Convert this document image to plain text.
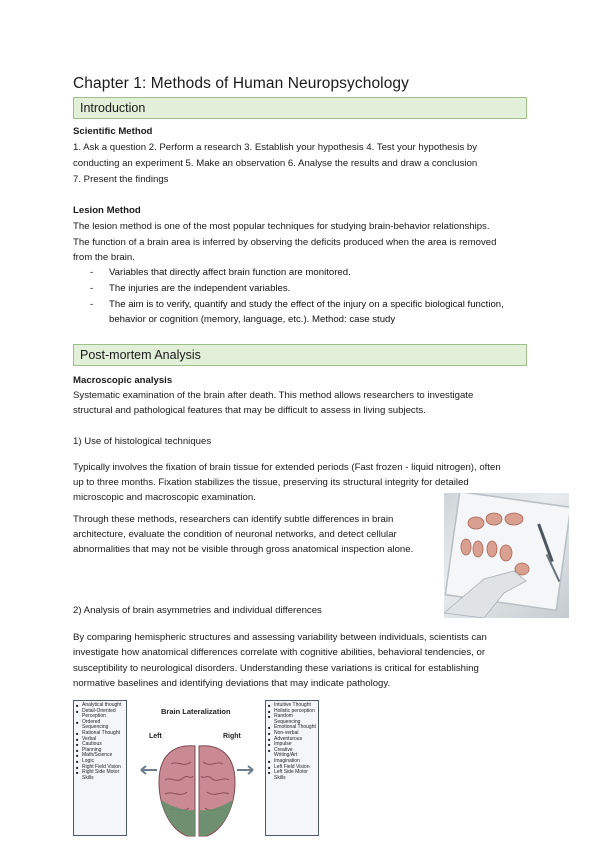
Chapter 1: Methods of Human Neuropsychology
Introduction
Scientific Method
1. Ask a question 2. Perform a research 3. Establish your hypothesis 4. Test your hypothesis by
conducting an experiment 5. Make an observation 6. Analyse the results and draw a conclusion
7. Present the findings
Lesion Method
The lesion method is one of the most popular techniques for studying brain-behavior relationships.
The function of a brain area is inferred by observing the deficits produced when the area is removed
from the brain.
- Variables that directly affect brain function are monitored.
- The injuries are the independent variables.
- The aim is to verify, quantify and study the effect of the injury on a specific biological function, behavior or cognition (memory, language, etc.). Method: case study
Post-mortem Analysis
Macroscopic analysis
Systematic examination of the brain after death. This method allows researchers to investigate
structural and pathological features that may be difficult to assess in living subjects.
1) Use of histological techniques
Typically involves the fixation of brain tissue for extended periods (Fast frozen - liquid nitrogen), often
up to three months. Fixation stabilizes the tissue, preserving its structural integrity for detailed
microscopic and macroscopic examination.
Through these methods, researchers can identify subtle differences in brain
architecture, evaluate the condition of neuronal networks, and detect cellular
abnormalities that may not be visible through gross anatomical inspection alone.
2) Analysis of brain asymmetries and individual differences
By comparing hemispheric structures and assessing variability between individuals, scientists can
investigate how anatomical differences correlate with cognitive abilities, behavioral tendencies, or
susceptibility to neurological disorders. Understanding these variations is critical for establishing
normative baselines and identifying deviations that may indicate pathology.
■ Analytical thought
■ Detail-Oriented Perception
■ Ordered Sequencing
■ Rational Thought
■ Verbal
■ Cautious
■ Planning
■ Math/Science
■ Logic
■ Right Field Vision
■ Right Side Motor Skills
Brain Lateralization
Left	Right
■ Intuitive Thought
■ Holistic perception
■ Random Sequencing
■ Emotional Thought
■ Non-verbal
■ Adventurous
■ Impulse
■ Creative Writing/Art
■ Imagination
■ Left Field Vision
■ Left Side Motor Skills
